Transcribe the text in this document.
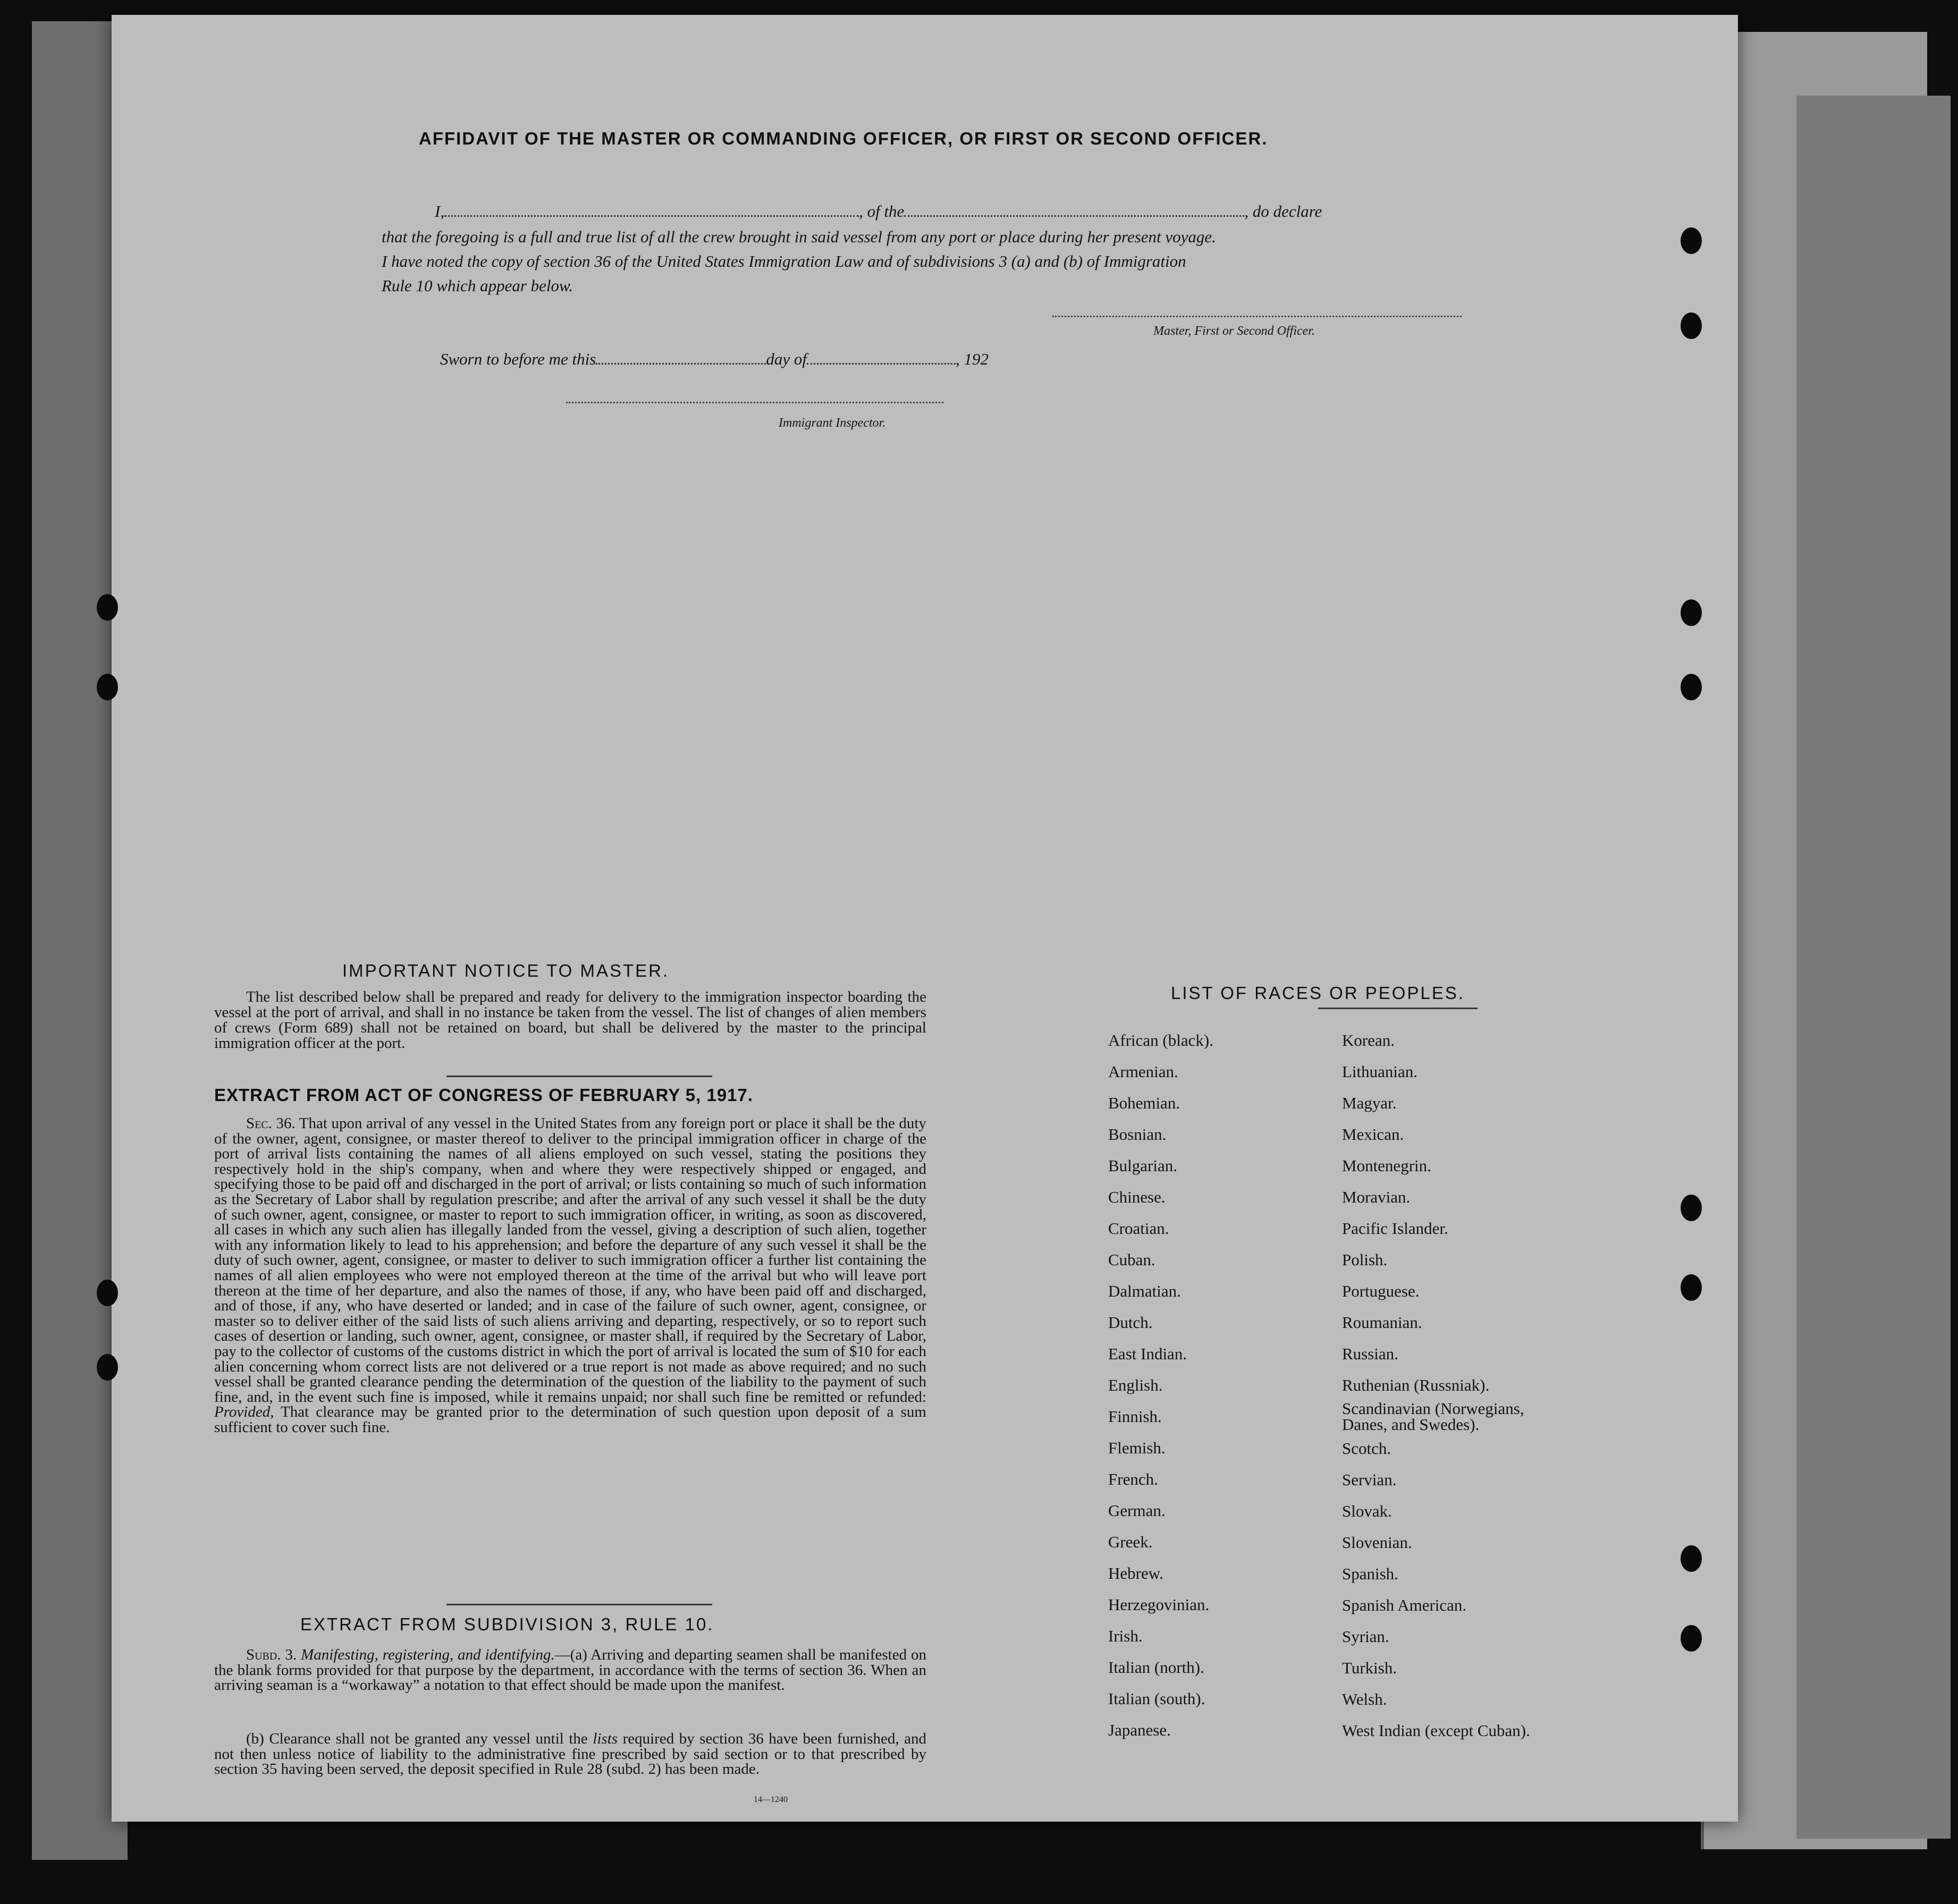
AFFIDAVIT OF THE MASTER OR COMMANDING OFFICER, OR FIRST OR SECOND OFFICER.
I,	, of the	, do declare
that the foregoing is a full and true list of all the crew brought in said vessel from any port or place during her present voyage.
I have noted the copy of section 36 of the United States Immigration Law and of subdivisions 3 (a) and (b) of Immigration
Rule 10 which appear below.
Master, First or Second Officer.
Sworn to before me this	day of	, 192
Immigrant Inspector.
IMPORTANT NOTICE TO MASTER.
The list described below shall be prepared and ready for delivery to the immigration inspector boarding the vessel at the port of arrival, and shall in no instance be taken from the vessel. The list of changes of alien members of crews (Form 689) shall not be retained on board, but shall be delivered by the master to the principal immigration officer at the port.
EXTRACT FROM ACT OF CONGRESS OF FEBRUARY 5, 1917.
Sec. 36. That upon arrival of any vessel in the United States from any foreign port or place it shall be the duty of the owner, agent, consignee, or master thereof to deliver to the principal immigration officer in charge of the port of arrival lists containing the names of all aliens employed on such vessel, stating the positions they respectively hold in the ship's company, when and where they were respectively shipped or engaged, and specifying those to be paid off and discharged in the port of arrival; or lists containing so much of such information as the Secretary of Labor shall by regulation prescribe; and after the arrival of any such vessel it shall be the duty of such owner, agent, consignee, or master to report to such immigration officer, in writing, as soon as discovered, all cases in which any such alien has illegally landed from the vessel, giving a description of such alien, together with any information likely to lead to his apprehension; and before the departure of any such vessel it shall be the duty of such owner, agent, consignee, or master to deliver to such immigration officer a further list containing the names of all alien employees who were not employed thereon at the time of the arrival but who will leave port thereon at the time of her departure, and also the names of those, if any, who have been paid off and discharged, and of those, if any, who have deserted or landed; and in case of the failure of such owner, agent, consignee, or master so to deliver either of the said lists of such aliens arriving and departing, respectively, or so to report such cases of desertion or landing, such owner, agent, consignee, or master shall, if required by the Secretary of Labor, pay to the collector of customs of the customs district in which the port of arrival is located the sum of $10 for each alien concerning whom correct lists are not delivered or a true report is not made as above required; and no such vessel shall be granted clearance pending the determination of the question of the liability to the payment of such fine, and, in the event such fine is imposed, while it remains unpaid; nor shall such fine be remitted or refunded: Provided, That clearance may be granted prior to the determination of such question upon deposit of a sum sufficient to cover such fine.
EXTRACT FROM SUBDIVISION 3, RULE 10.
Subd. 3. Manifesting, registering, and identifying.—(a) Arriving and departing seamen shall be manifested on the blank forms provided for that purpose by the department, in accordance with the terms of section 36. When an arriving seaman is a “workaway” a notation to that effect should be made upon the manifest.
(b) Clearance shall not be granted any vessel until the lists required by section 36 have been furnished, and not then unless notice of liability to the administrative fine prescribed by said section or to that prescribed by section 35 having been served, the deposit specified in Rule 28 (subd. 2) has been made.
14—1240
LIST OF RACES OR PEOPLES.
African (black).
Armenian.
Bohemian.
Bosnian.
Bulgarian.
Chinese.
Croatian.
Cuban.
Dalmatian.
Dutch.
East Indian.
English.
Finnish.
Flemish.
French.
German.
Greek.
Hebrew.
Herzegovinian.
Irish.
Italian (north).
Italian (south).
Japanese.
Korean.
Lithuanian.
Magyar.
Mexican.
Montenegrin.
Moravian.
Pacific Islander.
Polish.
Portuguese.
Roumanian.
Russian.
Ruthenian (Russniak).
Scandinavian (Norwegians, Danes, and Swedes).
Scotch.
Servian.
Slovak.
Slovenian.
Spanish.
Spanish American.
Syrian.
Turkish.
Welsh.
West Indian (except Cuban).
